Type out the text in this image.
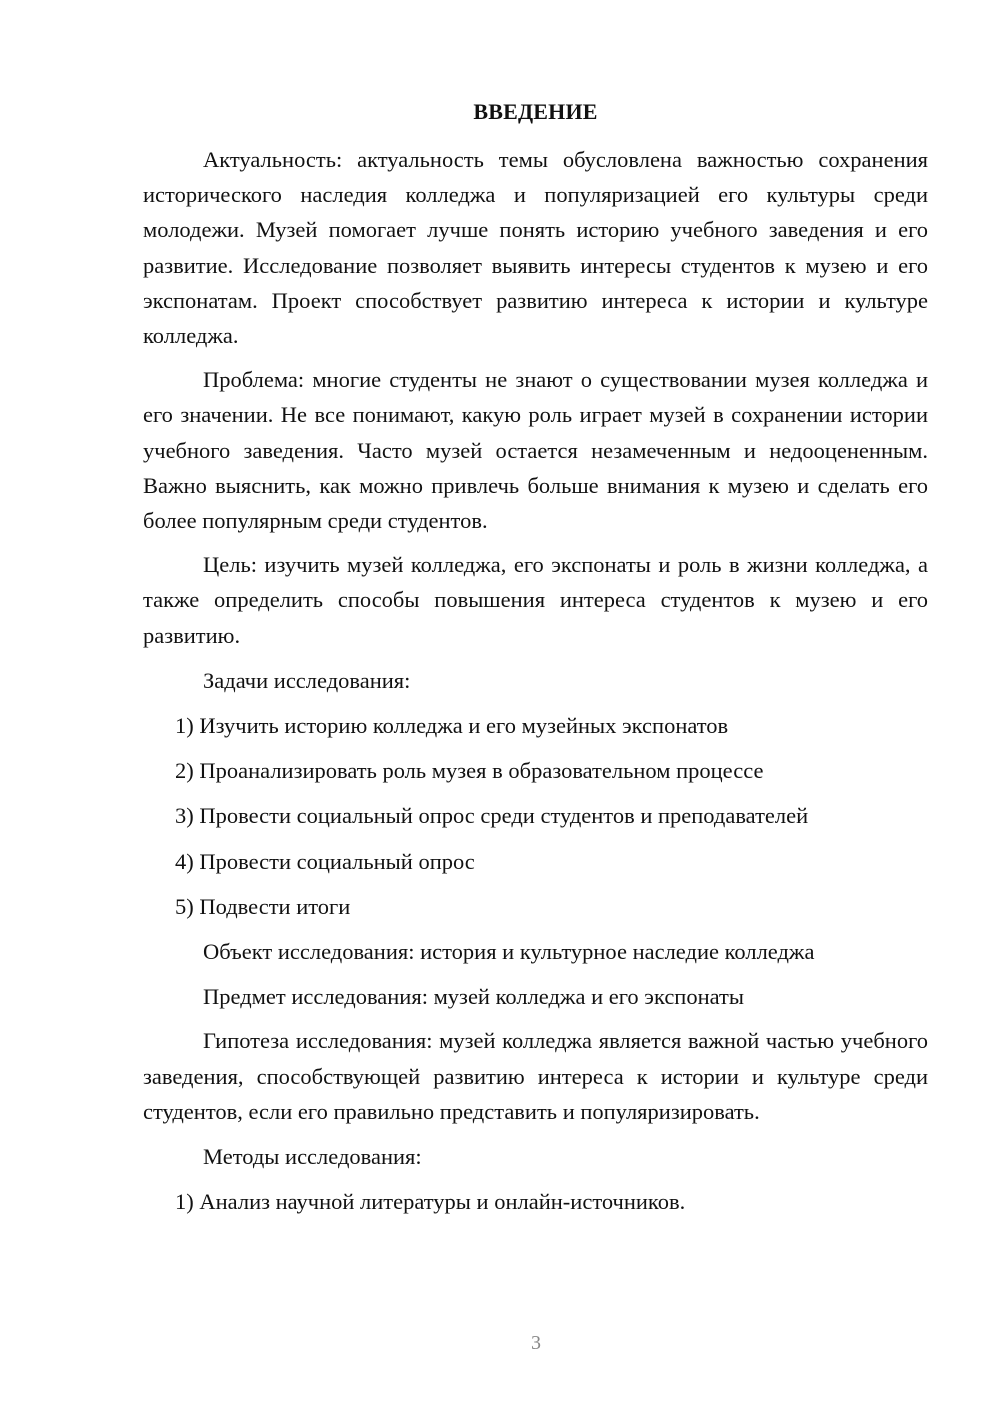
ВВЕДЕНИЕ

Актуальность: актуальность темы обусловлена важностью сохранения исторического наследия колледжа и популяризацией его культуры среди молодежи. Музей помогает лучше понять историю учебного заведения и его развитие. Исследование позволяет выявить интересы студентов к музею и его экспонатам. Проект способствует развитию интереса к истории и культуре колледжа.

Проблема: многие студенты не знают о существовании музея колледжа и его значении. Не все понимают, какую роль играет музей в сохранении истории учебного заведения. Часто музей остается незамеченным и недооцененным. Важно выяснить, как можно привлечь больше внимания к музею и сделать его более популярным среди студентов.

Цель: изучить музей колледжа, его экспонаты и роль в жизни колледжа, а также определить способы повышения интереса студентов к музею и его развитию.

Задачи исследования:

1) Изучить историю колледжа и его музейных экспонатов

2) Проанализировать роль музея в образовательном процессе

3) Провести социальный опрос среди студентов и преподавателей

4) Провести социальный опрос

5) Подвести итоги

Объект исследования: история и культурное наследие колледжа

Предмет исследования: музей колледжа и его экспонаты

Гипотеза исследования: музей колледжа является важной частью учебного заведения, способствующей развитию интереса к истории и культуре среди студентов, если его правильно представить и популяризировать.

Методы исследования:

1) Анализ научной литературы и онлайн-источников.

3
